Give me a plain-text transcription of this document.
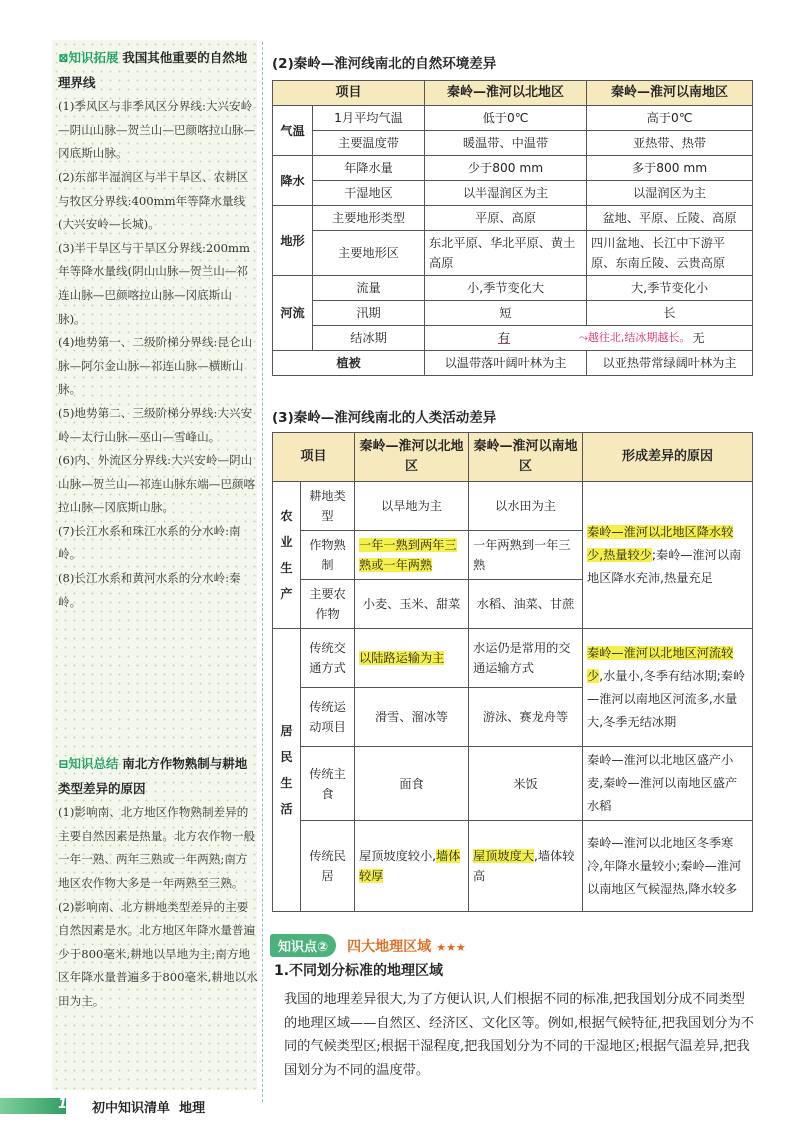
⊠知识拓展 我国其他重要的自然地理界线

(1)季风区与非季风区分界线:大兴安岭—阴山山脉—贺兰山—巴颜喀拉山脉—冈底斯山脉。

(2)东部半湿润区与半干旱区、农耕区与牧区分界线:400mm年等降水量线(大兴安岭—长城)。

(3)半干旱区与干旱区分界线:200mm年等降水量线(阴山山脉—贺兰山—祁连山脉—巴颜喀拉山脉—冈底斯山脉)。

(4)地势第一、二级阶梯分界线:昆仑山脉—阿尔金山脉—祁连山脉—横断山脉。

(5)地势第二、三级阶梯分界线:大兴安岭—太行山脉—巫山—雪峰山。

(6)内、外流区分界线:大兴安岭—阴山山脉—贺兰山—祁连山脉东端—巴颜喀拉山脉—冈底斯山脉。

(7)长江水系和珠江水系的分水岭:南岭。

(8)长江水系和黄河水系的分水岭:秦岭。

⊟知识总结 南北方作物熟制与耕地类型差异的原因

(1)影响南、北方地区作物熟制差异的主要自然因素是热量。北方农作物一般一年一熟、两年三熟或一年两熟;南方地区农作物大多是一年两熟至三熟。

(2)影响南、北方耕地类型差异的主要自然因素是水。北方地区年降水量普遍少于800毫米,耕地以旱地为主;南方地区年降水量普遍多于800毫米,耕地以水田为主。

(2)秦岭—淮河线南北的自然环境差异
项目		秦岭—淮河以北地区	秦岭—淮河以南地区
气温	1月平均气温	低于0℃	高于0℃
	主要温度带	暖温带、中温带	亚热带、热带
降水	年降水量	少于800 mm	多于800 mm
	干湿地区	以半湿润区为主	以湿润区为主
地形	主要地形类型	平原、高原	盆地、平原、丘陵、高原
	主要地形区	东北平原、华北平原、黄土高原	四川盆地、长江中下游平原、东南丘陵、云贵高原
河流	流量	小,季节变化大	大,季节变化小
	汛期	短	长
	结冰期	有 ⤳ 越往北,结冰期越长。 无	

植被		以温带落叶阔叶林为主	以亚热带常绿阔叶林为主
(3)秦岭—淮河线南北的人类活动差异
项目		秦岭—淮河以北地区	秦岭—淮河以南地区	形成差异的原因
农业生产	耕地类型	以旱地为主	以水田为主	秦岭—淮河以北地区降水较少,热量较少;秦岭—淮河以南地区降水充沛,热量充足
	作物熟制	一年一熟到两年三熟或一年两熟	一年两熟到一年三熟	
	主要农作物	小麦、玉米、甜菜	水稻、油菜、甘蔗	
居民生活	传统交通方式	以陆路运输为主	水运仍是常用的交通运输方式	秦岭—淮河以北地区河流较少,水量小,冬季有结冰期;秦岭—淮河以南地区河流多,水量大,冬季无结冰期
	传统运动项目	滑雪、溜冰等	游泳、赛龙舟等	
	传统主食	面食	米饭	秦岭—淮河以北地区盛产小麦,秦岭—淮河以南地区盛产水稻
	传统民居	屋顶坡度较小,墙体较厚	屋顶坡度大,墙体较高	秦岭—淮河以北地区冬季寒冷,年降水量较小;秦岭—淮河以南地区气候湿热,降水较多
知识点② 四大地理区域 ★★★
1.不同划分标准的地理区域
我国的地理差异很大,为了方便认识,人们根据不同的标准,把我国划分成不同类型的地理区域——自然区、经济区、文化区等。例如,根据气候特征,把我国划分为不同的气候类型区;根据干湿程度,把我国划分为不同的干湿地区;根据气温差异,把我国划分为不同的温度带。
198 初中知识清单 地理
